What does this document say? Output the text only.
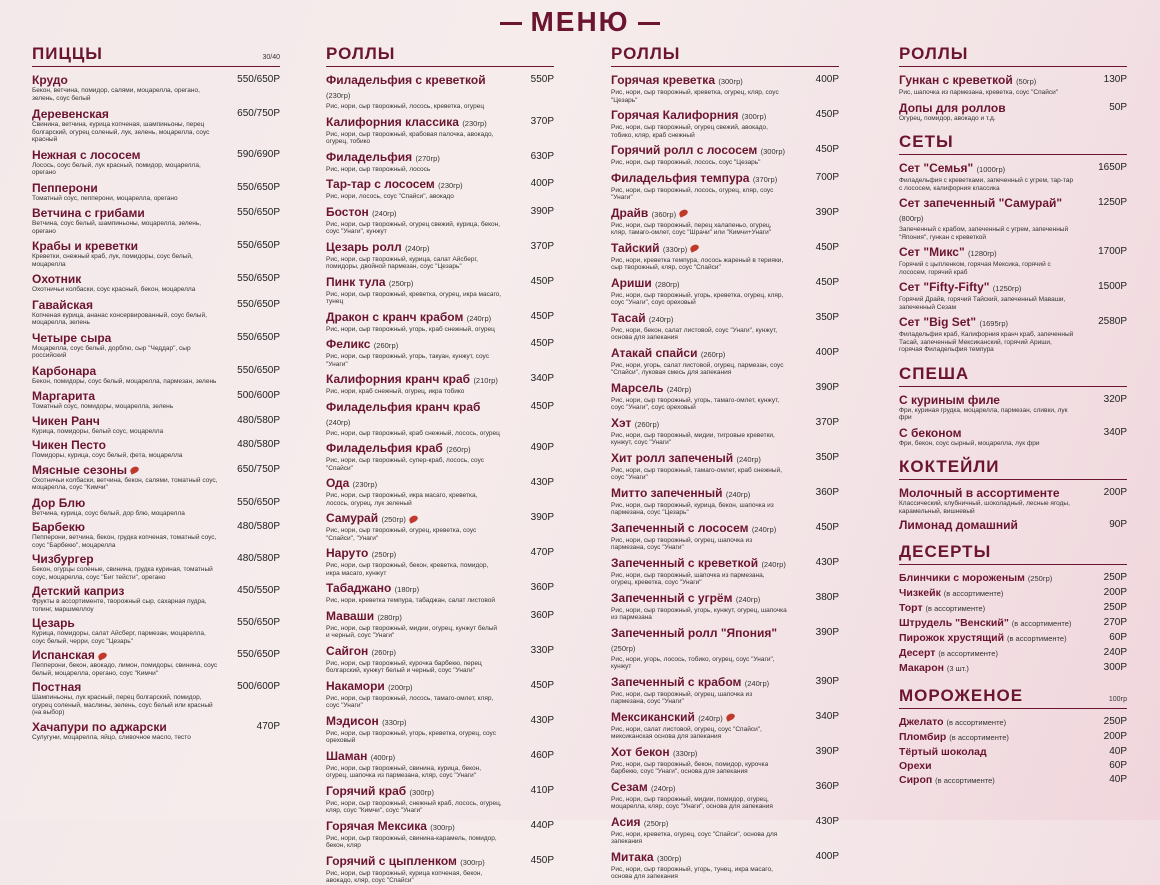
МЕНЮ
ПИЦЦЫ	30/40
Крудо	550/650Р
Бекон, ветчина, помидор, салями, моцарелла, орегано, зелень, соус белый
Деревенская	650/750Р
Свинина, ветчина, курица копченая, шампиньоны, перец болгарский, огурец соленый, лук, зелень, моцарелла, соус красный
Нежная с лососем	590/690Р
Лосось, соус белый, лук красный, помидор, моцарелла, орегано
Пепперони	550/650Р
Томатный соус, пепперони, моцарелла, орегано
Ветчина с грибами	550/650Р
Ветчина, соус белый, шампиньоны, моцарелла, зелень, орегано
Крабы и креветки	550/650Р
Креветки, снежный краб, лук, помидоры, соус белый, моцарелла
Охотник	550/650Р
Охотничьи колбаски, соус красный, бекон, моцарелла
Гавайская	550/650Р
Копченая курица, ананас консервированный, соус белый, моцарелла, зелень
Четыре сыра	550/650Р
Моцарелла, соус белый, дорблю, сыр "Чеддар", сыр российский
Карбонара	550/650Р
Бекон, помидоры, соус белый, моцарелла, пармезан, зелень
Маргарита	500/600Р
Томатный соус, помидоры, моцарелла, зелень
Чикен Ранч	480/580Р
Курица, помидоры, белый соус, моцарелла
Чикен Песто	480/580Р
Помидоры, курица, соус белый, фета, моцарелла
Мясные сезоны	650/750Р
Охотничьи колбаски, ветчина, бекон, салями, томатный соус, моцарелла, соус "Кимчи"
Дор Блю	550/650Р
Ветчина, курица, соус белый, дор блю, моцарелла
Барбекю	480/580Р
Пепперони, ветчина, бекон, грудка копченая, томатный соус, соус "Барбекю", моцарелла
Чизбургер	480/580Р
Бекон, огурцы соленые, свинина, грудка куриная, томатный соус, моцарелла, соус "Биг тейсти", орегано
Детский каприз	450/550Р
Фрукты в ассортименте, творожный сыр, сахарная пудра, топинг, маршмеллоу
Цезарь	550/650Р
Курица, помидоры, салат Айсберг, пармезан, моцарелла, соус белый, черри, соус "Цезарь"
Испанская	550/650Р
Пепперони, бекон, авокадо, лимон, помидоры, свинина, соус белый, моцарелла, орегано, соус "Кимчи"
Постная	500/600Р
Шампиньоны, лук красный, перец болгарский, помидор, огурец соленый, маслины, зелень, соус белый или красный (на выбор)
Хачапури по аджарски	470Р
Сулугуни, моцарелла, яйцо, сливочное масло, тесто
РОЛЛЫ
Филадельфия с креветкой (230гр)
550Р
Рис, нори, сыр творожный, лосось, креветка, огурец
Калифорния классика (230гр)	370Р
Рис, нори, сыр творожный, крабовая палочка, авокадо, огурец, тобико
Филадельфия (270гр)	630Р
Рис, нори, сыр творожный, лосось
Тар-тар с лососем (230гр)	400Р
Рис, нори, лосось, соус "Спайси", авокадо
Бостон (240гр)	390Р
Рис, нори, сыр творожный, огурец свежий, курица, бекон, соус "Унаги", кунжут
Цезарь ролл (240гр)	370Р
Рис, нори, сыр творожный, курица, салат Айсберг, помидоры, двойной пармезан, соус "Цезарь"
Пинк тула (250гр)	450Р
Рис, нори, сыр творожный, креветка, огурец, икра масаго, тунец
Дракон с кранч крабом (240гр)	450Р
Рис, нори, сыр творожный, угорь, краб снежный, огурец
Феликс (260гр)	450Р
Рис, нори, сыр творожный, угорь, такуан, кунжут, соус "Унаги"
Калифорния кранч краб (210гр)	340Р
Рис, нори, краб снежный, огурец, икра тобико
Филадельфия кранч краб (240гр)
450Р
Рис, нори, сыр творожный, краб снежный, лосось, огурец
Филадельфия краб (260гр)	490Р
Рис, нори, сыр творожный, супер-краб, лосось, соус "Спайси"
Ода (230гр)	430Р
Рис, нори, сыр творожный, икра масаго, креветка, лосось, огурец, лук зеленый
Самурай (250гр)	390Р
Рис, нори, сыр творожный, огурец, креветка, соус "Спайси", "Унаги"
Наруто (250гр)	470Р
Рис, нори, сыр творожный, бекон, креветка, помидор, икра масаго, кунжут
Табаджано (180гр)	360Р
Рис, нори, креветка темпура, табаджан, салат листовой
Маваши (280гр)	360Р
Рис, нори, сыр творожный, мидии, огурец, кунжут белый и черный, соус "Унаги"
Сайгон (260гр)	330Р
Рис, нори, сыр творожный, курочка барбекю, перец болгарский, кунжут белый и черный, соус "Унаги"
Накамори (200гр)	450Р
Рис, нори, сыр творожный, лосось, тамаго-омлет, кляр, соус "Унаги"
Мэдисон (330гр)	430Р
Рис, нори, сыр творожный, угорь, креветка, огурец, соус ореховый
Шаман (400гр)	460Р
Рис, нори, сыр творожный, свинина, курица, бекон, огурец, шапочка из пармезана, кляр, соус "Унаги"
Горячий краб (300гр)	410Р
Рис, нори, сыр творожный, снежный краб, лосось, огурец, кляр, соус "Кимчи", соус "Унаги"
Горячая Мексика (300гр)	440Р
Рис, нори, сыр творожный, свинина-карамель, помидор, бекон, кляр
Горячий с цыпленком (300гр)	450Р
Рис, нори, сыр творожный, курица копченая, бекон, авокадо, кляр, соус "Спайси"
РОЛЛЫ
Горячая креветка (300гр)	400Р
Рис, нори, сыр творожный, креветка, огурец, кляр, соус "Цезарь"
Горячая Калифорния (300гр)	450Р
Рис, нори, сыр творожный, огурец свежий, авокадо, тобико, кляр, краб снежный
Горячий ролл с лососем (300гр)	450Р
Рис, нори, сыр творожный, лосось, соус "Цезарь"
Филадельфия темпура (370гр)	700Р
Рис, нори, сыр творожный, лосось, огурец, кляр, соус "Унаги"
Драйв (360гр)	390Р
Рис, нори, сыр творожный, перец халапеньо, огурец, кляр, тамаго-омлет, соус "Шрачи" или "Кимчи+Унаги"
Тайский (330гр)	450Р
Рис, нори, креветка темпура, лосось жареный в терияки, сыр творожный, кляр, соус "Спайси"
Ариши (280гр)	450Р
Рис, нори, сыр творожный, угорь, креветка, огурец, кляр, соус "Унаги", соус ореховый
Тасай (240гр)	350Р
Рис, нори, бекон, салат листовой, соус "Унаги", кунжут, основа для запекания
Атакай спайси (260гр)	400Р
Рис, нори, угорь, салат листовой, огурец, пармезан, соус "Спайси", луковая смесь для запекания
Марсель (240гр)	390Р
Рис, нори, сыр творожный, угорь, тамаго-омлет, кунжут, соус "Унаги", соус ореховый
Хэт (260гр)	370Р
Рис, нори, сыр творожный, мидии, тигровые креветки, кунжут, соус "Унаги"
Хит ролл запеченый (240гр)	350Р
Рис, нори, сыр творожный, тамаго-омлет, краб снежный, соус "Унаги"
Митто запеченный (240гр)	360Р
Рис, нори, сыр творожный, курица, бекон, шапочка из пармезана, соус "Цезарь"
Запеченный с лососем (240гр)	450Р
Рис, нори, сыр творожный, огурец, шапочка из пармезана, соус "Унаги"
Запеченный с креветкой (240гр)	430Р
Рис, нори, сыр творожный, шапочка из пармезана, огурец, креветка, соус "Унаги"
Запеченный с угрём (240гр)	380Р
Рис, нори, сыр творожный, угорь, кунжут, огурец, шапочка из пармезана
Запеченный ролл "Япония" (250гр)
390Р
Рис, нори, угорь, лосось, тобико, огурец, соус "Унаги", кунжут
Запеченный с крабом (240гр)	390Р
Рис, нори, сыр творожный, огурец, шапочка из пармезана, соус "Унаги"
Мексиканский (240гр)	340Р
Рис, нори, салат листовой, огурец, соус "Спайси", мексиканская основа для запекания
Хот бекон (330гр)	390Р
Рис, нори, сыр творожный, бекон, помидор, курочка барбекю, соус "Унаги", основа для запекания
Сезам (240гр)	360Р
Рис, нори, сыр творожный, мидии, помидор, огурец, моцарелла, кляр, соус "Унаги", основа для запекания
Асия (250гр)	430Р
Рис, нори, креветка, огурец, соус "Спайси", основа для запекания
Митака (300гр)	400Р
Рис, нори, сыр творожный, угорь, тунец, икра масаго, основа для запекания
РОЛЛЫ
Гункан с креветкой (50гр)	130Р
Рис, шапочка из пармезана, креветка, соус "Спайси"
Допы для роллов	50Р
Огурец, помидор, авокадо и т.д.
СЕТЫ
Сет "Семья" (1000гр)	1650Р
Филадельфия с креветками, запеченный с угрем, тар-тар с лососем, калифорния классика
Сет запеченный "Самурай" (800гр)
1250Р
Запеченный с крабом, запеченный с угрем, запеченный "Япония", гункан с креветкой
Сет "Микс" (1280гр)	1700Р
Горячий с цыпленком, горячая Мексика, горячий с лососем, горячий краб
Сет "Fifty-Fifty" (1250гр)	1500Р
Горячий Драйв, горячий Тайский, запеченный Маваши, запеченный Сезам
Сет "Big Set" (1695гр)	2580Р
Филадельфия краб, Калифорния кранч краб, запеченный Тасай, запеченный Мексиканский, горячий Ариши, горячая Филадельфия темпура
СПЕША
С куриным филе	320Р
Фри, куриная грудка, моцарелла, пармезан, сливки, лук фри
С беконом	340Р
Фри, бекон, соус сырный, моцарелла, лук фри
КОКТЕЙЛИ
Молочный в ассортименте	200Р
Классический, клубничный, шоколадный, лесные ягоды, карамельный, вишневый
Лимонад домашний	90Р
ДЕСЕРТЫ
Блинчики с мороженым (250гр)	250Р
Чизкейк (в ассортименте)	200Р
Торт (в ассортименте)	250Р
Штрудель "Венский" (в ассортименте)	270Р
Пирожок хрустящий (в ассортименте)	60Р
Десерт (в ассортименте)	240Р
Макарон (3 шт.)	300Р
МОРОЖЕНОЕ	100гр
Джелато (в ассортименте)	250Р
Пломбир (в ассортименте)	200Р
Тёртый шоколад	40Р
Орехи	60Р
Сироп (в ассортименте)	40Р
